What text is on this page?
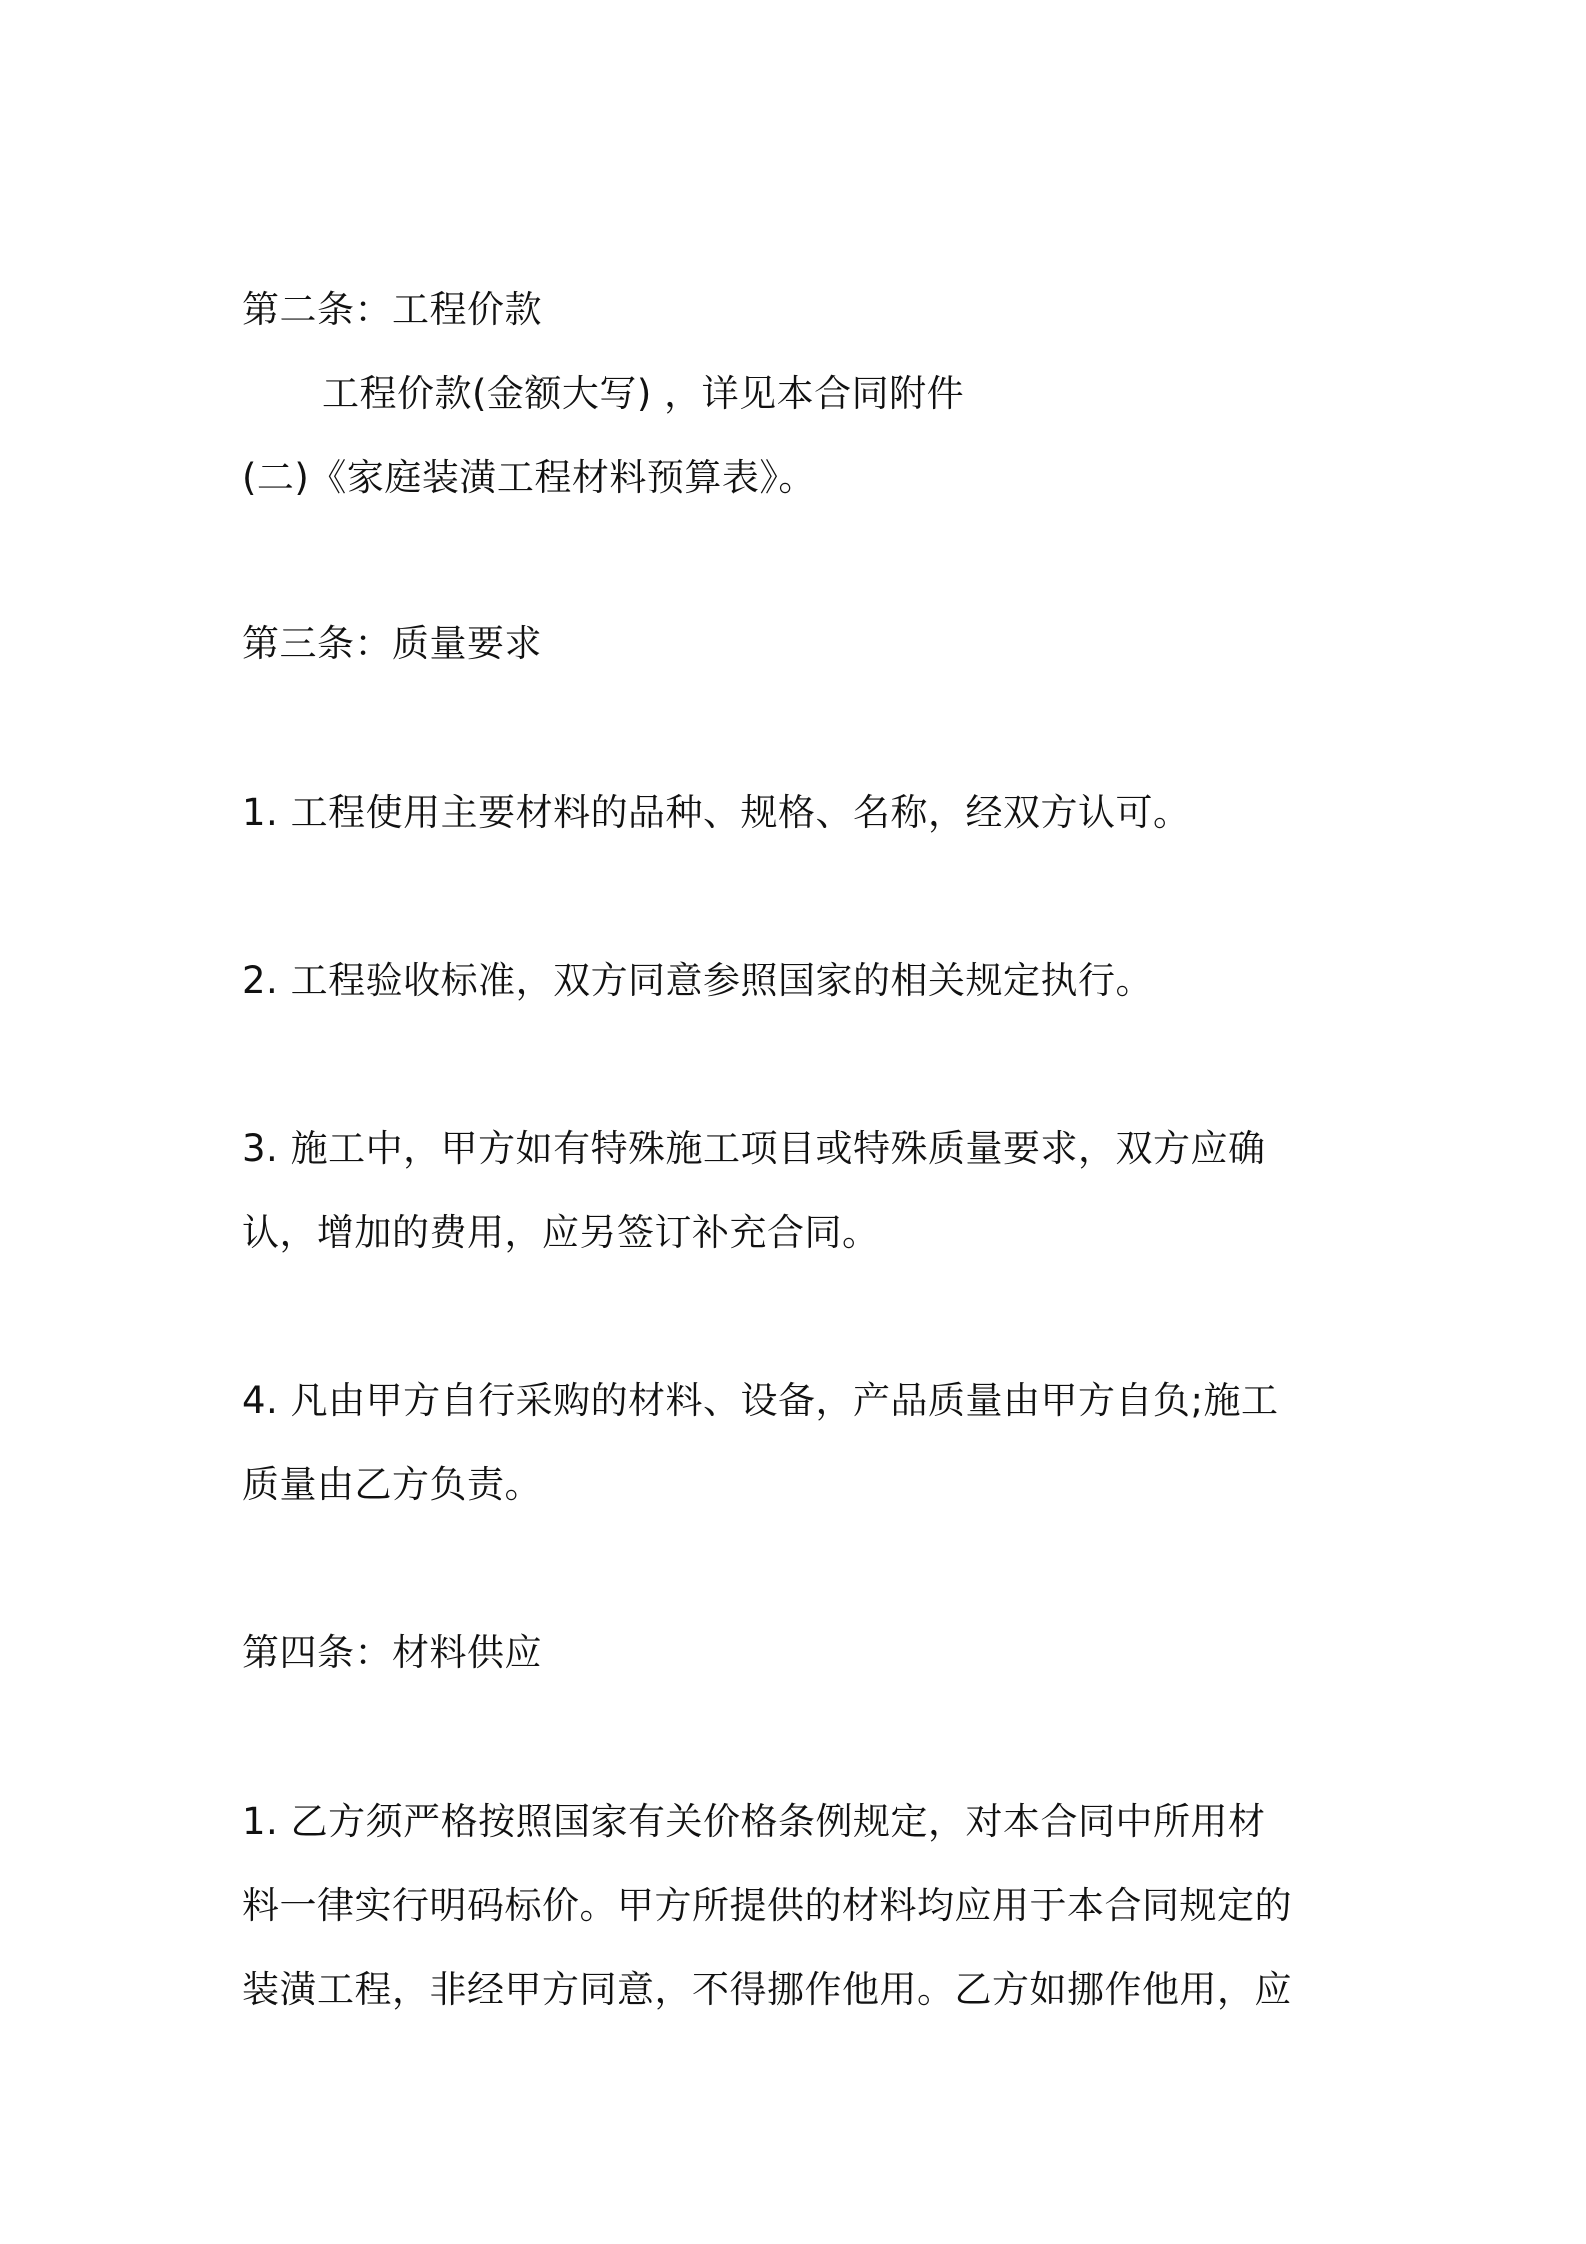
第二条：工程价款
工程价款(金额大写) ，详见本合同附件
(二)《家庭装潢工程材料预算表》。
第三条：质量要求
1. 工程使用主要材料的品种、规格、名称，经双方认可。
2. 工程验收标准，双方同意参照国家的相关规定执行。
3. 施工中，甲方如有特殊施工项目或特殊质量要求，双方应确
认，增加的费用，应另签订补充合同。
4. 凡由甲方自行采购的材料、设备，产品质量由甲方自负;施工
质量由乙方负责。
第四条：材料供应
1. 乙方须严格按照国家有关价格条例规定，对本合同中所用材
料一律实行明码标价。甲方所提供的材料均应用于本合同规定的
装潢工程，非经甲方同意，不得挪作他用。乙方如挪作他用，应
